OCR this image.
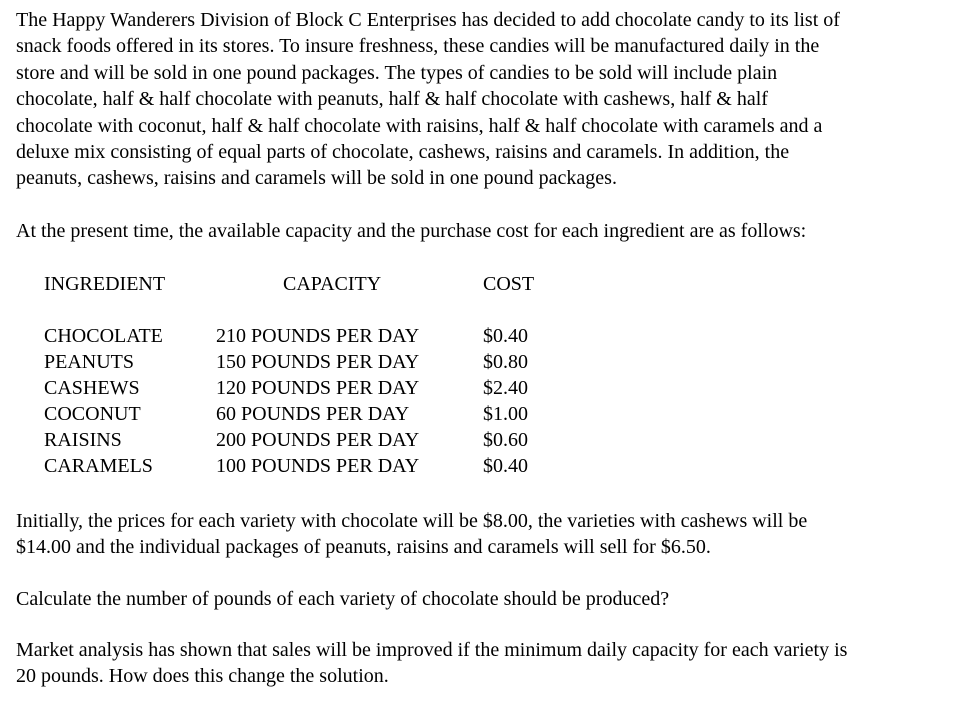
The Happy Wanderers Division of Block C Enterprises has decided to add chocolate candy to its list of
snack foods offered in its stores. To insure freshness, these candies will be manufactured daily in the
store and will be sold in one pound packages. The types of candies to be sold will include plain
chocolate, half & half chocolate with peanuts, half & half chocolate with cashews, half & half
chocolate with coconut, half & half chocolate with raisins, half & half chocolate with caramels and a
deluxe mix consisting of equal parts of chocolate, cashews, raisins and caramels. In addition, the
peanuts, cashews, raisins and caramels will be sold in one pound packages.
At the present time, the available capacity and the purchase cost for each ingredient are as follows:
INGREDIENT	CAPACITY	COST
CHOCOLATE	210 POUNDS PER DAY	$0.40
PEANUTS	150 POUNDS PER DAY	$0.80
CASHEWS	120 POUNDS PER DAY	$2.40
COCONUT	60 POUNDS PER DAY	$1.00
RAISINS	200 POUNDS PER DAY	$0.60
CARAMELS	100 POUNDS PER DAY	$0.40
Initially, the prices for each variety with chocolate will be $8.00, the varieties with cashews will be
$14.00 and the individual packages of peanuts, raisins and caramels will sell for $6.50.
Calculate the number of pounds of each variety of chocolate should be produced?
Market analysis has shown that sales will be improved if the minimum daily capacity for each variety is
20 pounds. How does this change the solution.
